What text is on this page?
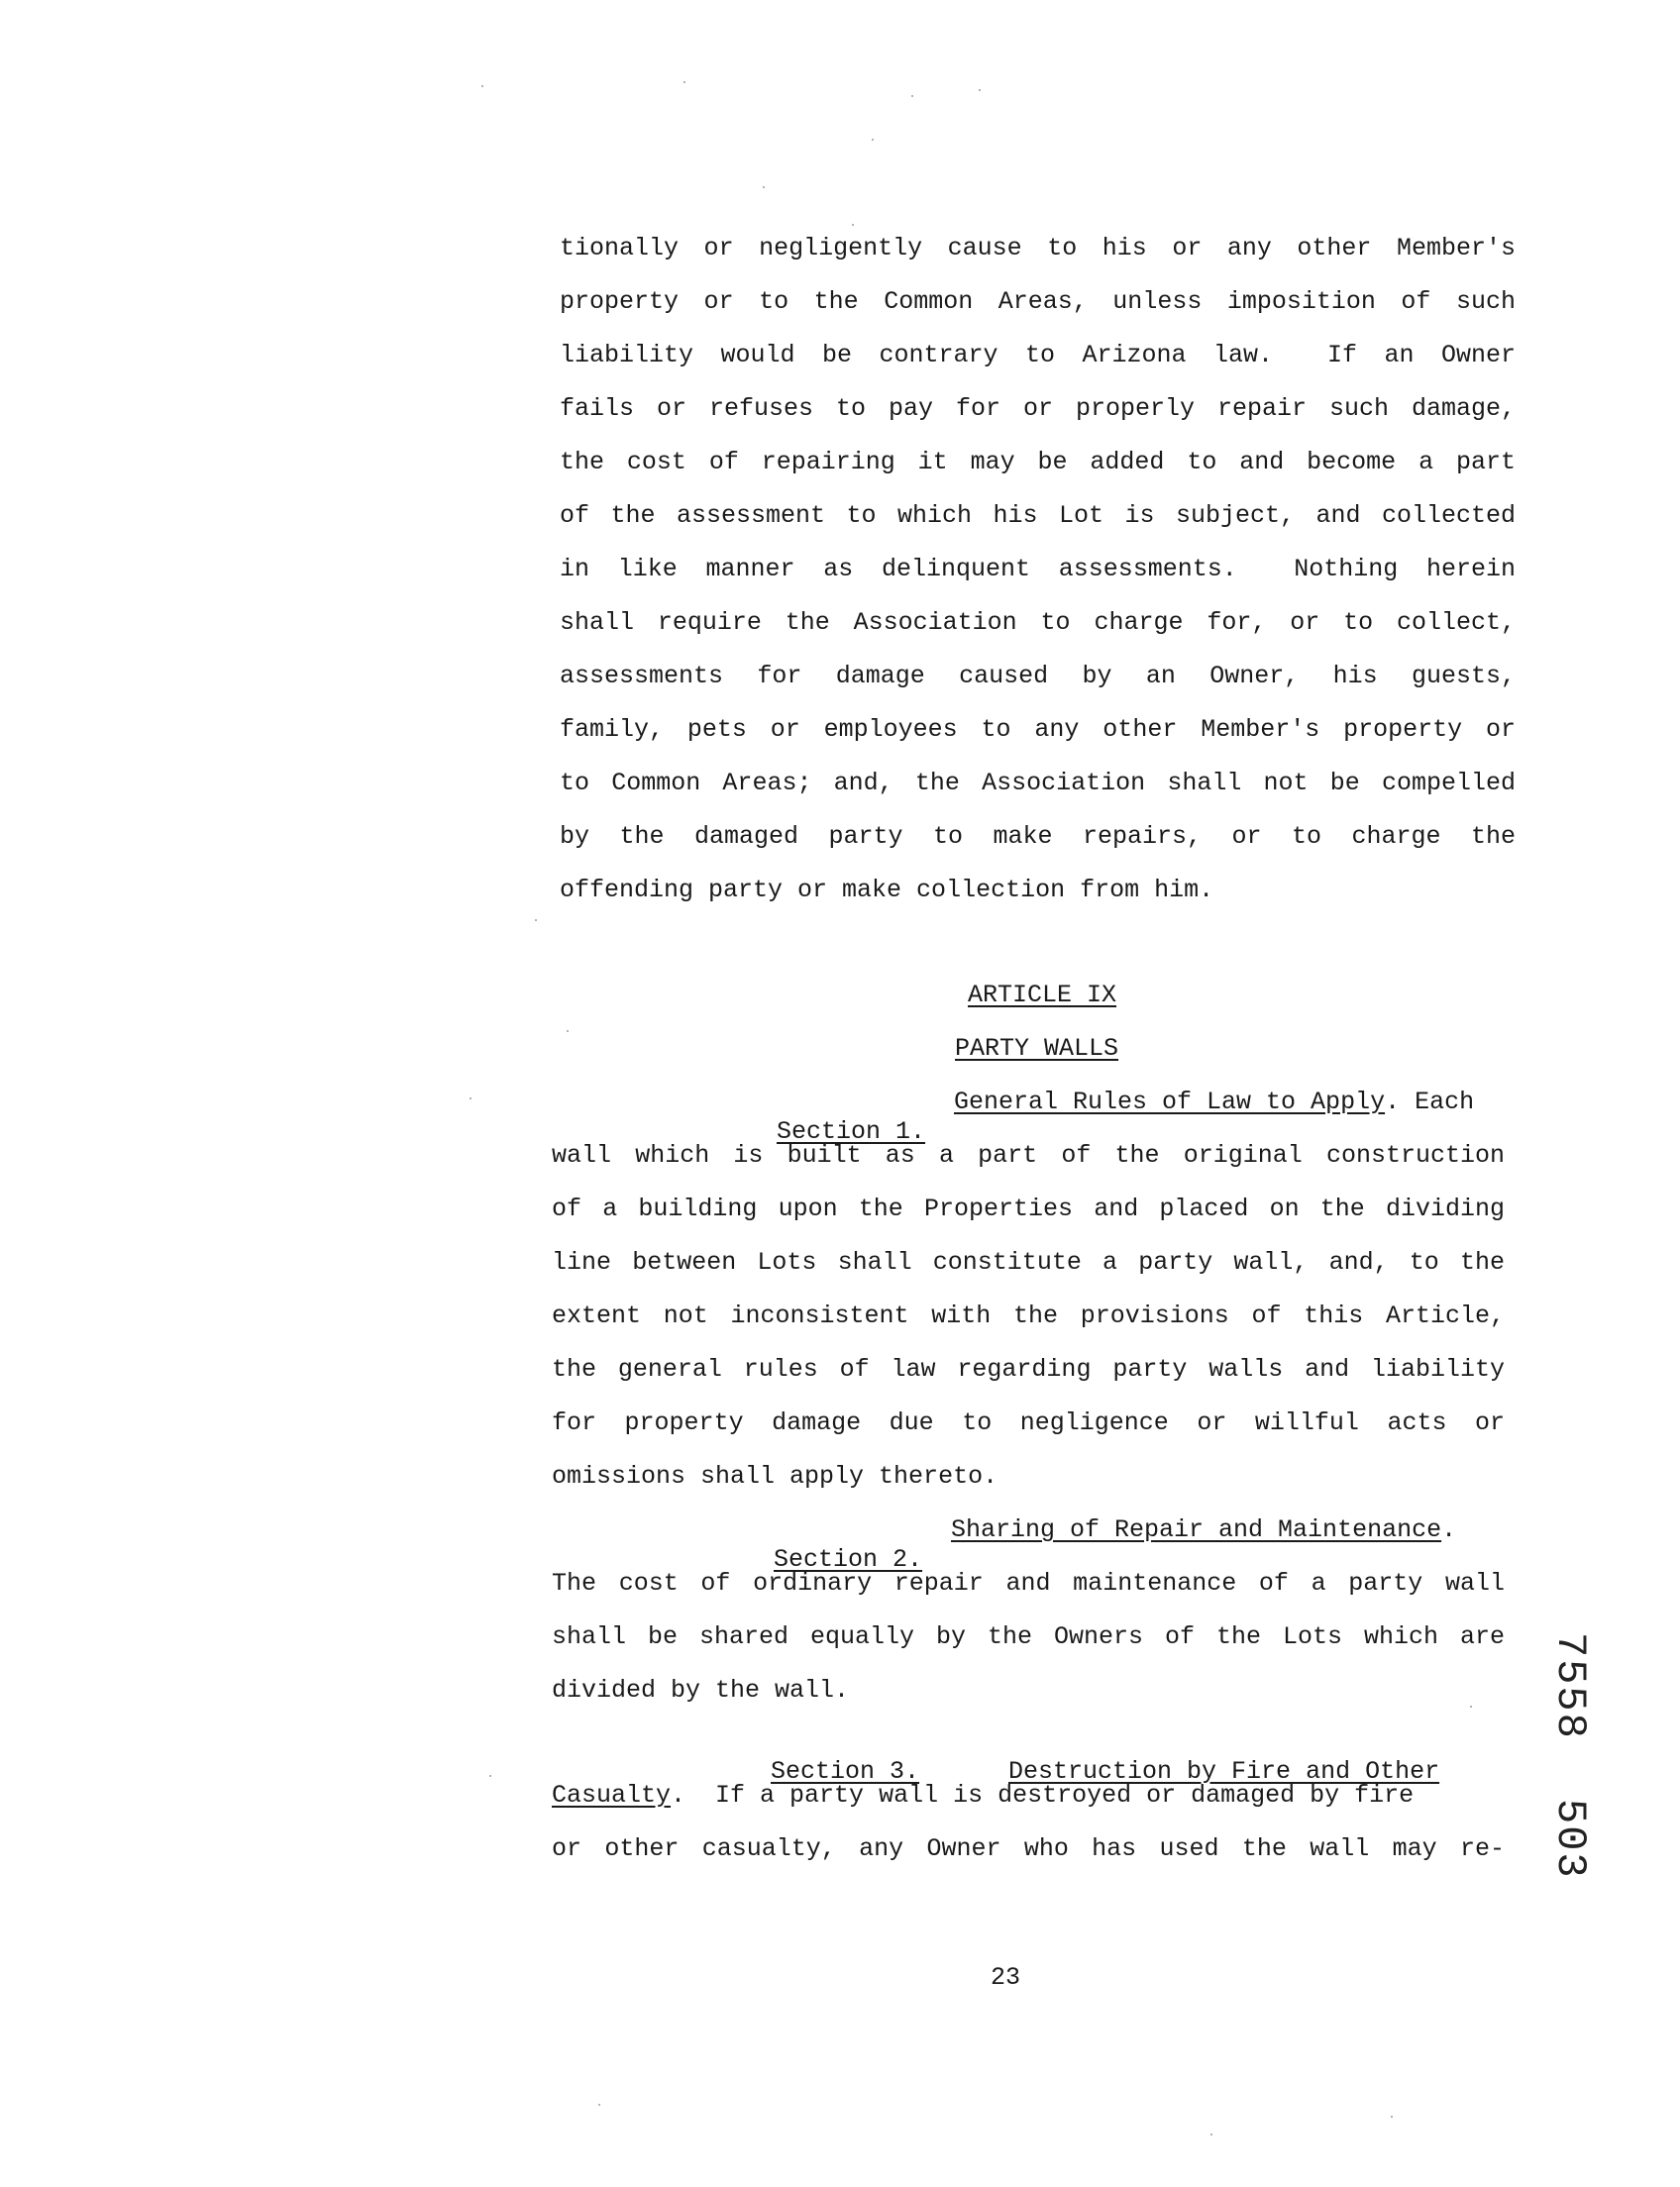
tionally or negligently cause to his or any other Member's
property or to the Common Areas, unless imposition of such
liability would be contrary to Arizona law.  If an Owner
fails or refuses to pay for or properly repair such damage,
the cost of repairing it may be added to and become a part
of the assessment to which his Lot is subject, and collected
in like manner as delinquent assessments.  Nothing herein
shall require the Association to charge for, or to collect,
assessments for damage caused by an Owner, his guests,
family, pets or employees to any other Member's property or
to Common Areas; and, the Association shall not be compelled
by the damaged party to make repairs, or to charge the
offending party or make collection from him.
ARTICLE IX
PARTY WALLS

Section 1.

General Rules of Law to Apply. Each
wall which is built as a part of the original construction
of a building upon the Properties and placed on the dividing
line between Lots shall constitute a party wall, and, to the
extent not inconsistent with the provisions of this Article,
the general rules of law regarding party walls and liability
for property damage due to negligence or willful acts or
omissions shall apply thereto.

Section 2.

Sharing of Repair and Maintenance.
The cost of ordinary repair and maintenance of a party wall
shall be shared equally by the Owners of the Lots which are
divided by the wall.

Section 3.
	Destruction by Fire and Other

Casualty.  If a party wall is destroyed or damaged by fire
or other casualty, any Owner who has used the wall may re-
7558
503
23
